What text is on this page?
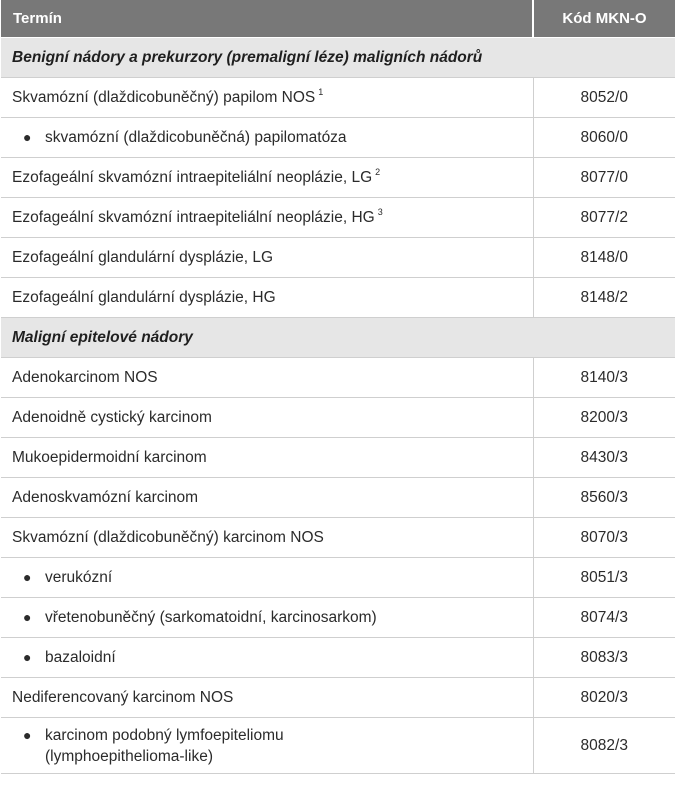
Termín	Kód MKN-O
Benigní nádory a prekurzory (premaligní léze) maligních nádorů	
Skvamózní (dlaždicobuněčný) papilom NOS $^1$	8052/0
● skvamózní (dlaždicobuněčná) papilomatóza	8060/0
Ezofageální skvamózní intraepiteliální neoplázie, LG $^2$	8077/0
Ezofageální skvamózní intraepiteliální neoplázie, HG $^3$	8077/2
Ezofageální glandulární dysplázie, LG	8148/0
Ezofageální glandulární dysplázie, HG	8148/2
Maligní epitelové nádory	
Adenokarcinom NOS	8140/3
Adenoidně cystický karcinom	8200/3
Mukoepidermoidní karcinom	8430/3
Adenoskvamózní karcinom	8560/3
Skvamózní (dlaždicobuněčný) karcinom NOS	8070/3
● verukózní	8051/3
● vřetenobuněčný (sarkomatoidní, karcinosarkom)	8074/3
● bazaloidní	8083/3
Nediferencovaný karcinom NOS	8020/3

● karcinom podobný lymfoepiteliomu
(lymphoepithelioma-like)	8082/3
